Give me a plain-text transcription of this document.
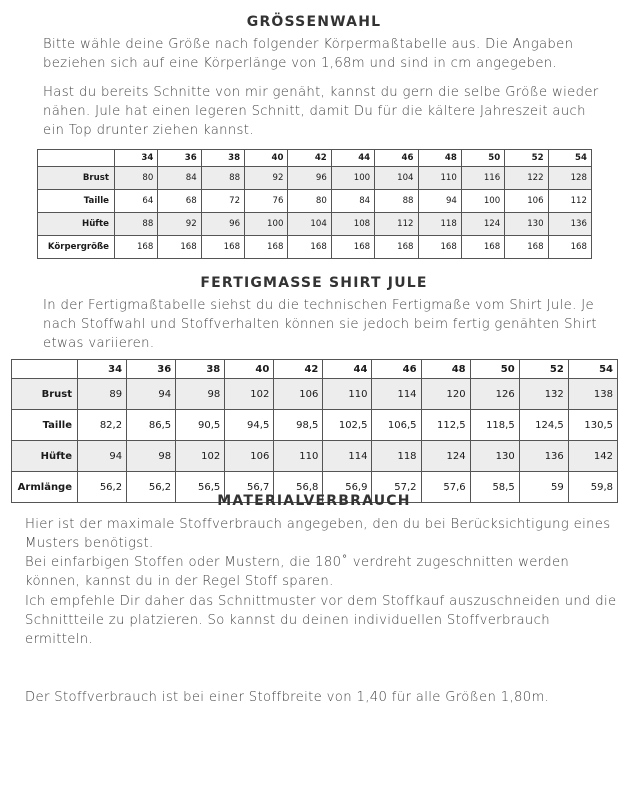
GRÖSSENWAHL

Bitte wähle deine Größe nach folgender Körpermaßtabelle aus. Die Angaben beziehen sich auf eine Körperlänge von 1,68m und sind in cm angegeben.

Hast du bereits Schnitte von mir genäht, kannst du gern die selbe Größe wieder nähen. Jule hat einen legeren Schnitt, damit Du für die kältere Jahreszeit auch ein Top drunter ziehen kannst.

	34	36	38	40	42	44	46	48	50	52	54
Brust	80	84	88	92	96	100	104	110	116	122	128
Taille	64	68	72	76	80	84	88	94	100	106	112
Hüfte	88	92	96	100	104	108	112	118	124	130	136
Körpergröße	168	168	168	168	168	168	168	168	168	168	168
FERTIGMASSE SHIRT JULE

In der Fertigmaßtabelle siehst du die technischen Fertigmaße vom Shirt Jule. Je nach Stoffwahl und Stoffverhalten können sie jedoch beim fertig genähten Shirt etwas variieren.

	34	36	38	40	42	44	46	48	50	52	54
Brust	89	94	98	102	106	110	114	120	126	132	138
Taille	82,2	86,5	90,5	94,5	98,5	102,5	106,5	112,5	118,5	124,5	130,5
Hüfte	94	98	102	106	110	114	118	124	130	136	142
Armlänge	56,2	56,2	56,5	56,7	56,8	56,9	57,2	57,6	58,5	59	59,8
MATERIALVERBRAUCH

Hier ist der maximale Stoffverbrauch angegeben, den du bei Berücksichtigung eines Musters benötigst.

Bei einfarbigen Stoffen oder Mustern, die 180˚ verdreht zugeschnitten werden können, kannst du in der Regel Stoff sparen.

Ich empfehle Dir daher das Schnittmuster vor dem Stoffkauf auszuschneiden und die Schnittteile zu platzieren. So kannst du deinen individuellen Stoffverbrauch ermitteln.

Der Stoffverbrauch ist bei einer Stoffbreite von 1,40 für alle Größen 1,80m.
